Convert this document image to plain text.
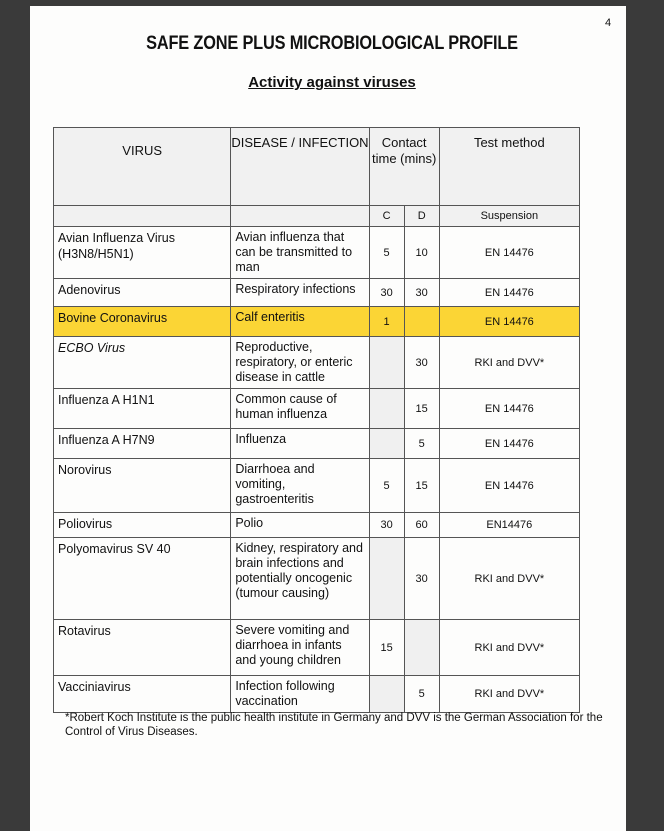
4
SAFE ZONE PLUS MICROBIOLOGICAL PROFILE
Activity against viruses
VIRUS	DISEASE / INFECTION	Contact time (mins)		Test method
		C	D	Suspension
Avian Influenza Virus (H3N8/H5N1)	Avian influenza that can be transmitted to man	5	10	EN 14476
Adenovirus	Respiratory infections	30	30	EN 14476
Bovine Coronavirus	Calf enteritis	1		EN 14476
ECBO Virus	Reproductive, respiratory, or enteric disease in cattle		30	RKI and DVV*
Influenza A H1N1	Common cause of human influenza		15	EN 14476
Influenza A H7N9	Influenza		5	EN 14476
Norovirus	Diarrhoea and vomiting, gastroenteritis	5	15	EN 14476
Poliovirus	Polio	30	60	EN14476
Polyomavirus SV 40	Kidney, respiratory and brain infections and potentially oncogenic (tumour causing)		30	RKI and DVV*
Rotavirus	Severe vomiting and diarrhoea in infants and young children	15		RKI and DVV*
Vacciniavirus	Infection following vaccination		5	RKI and DVV*
*Robert Koch Institute is the public health institute in Germany and DVV is the German Association for the Control of Virus Diseases.
